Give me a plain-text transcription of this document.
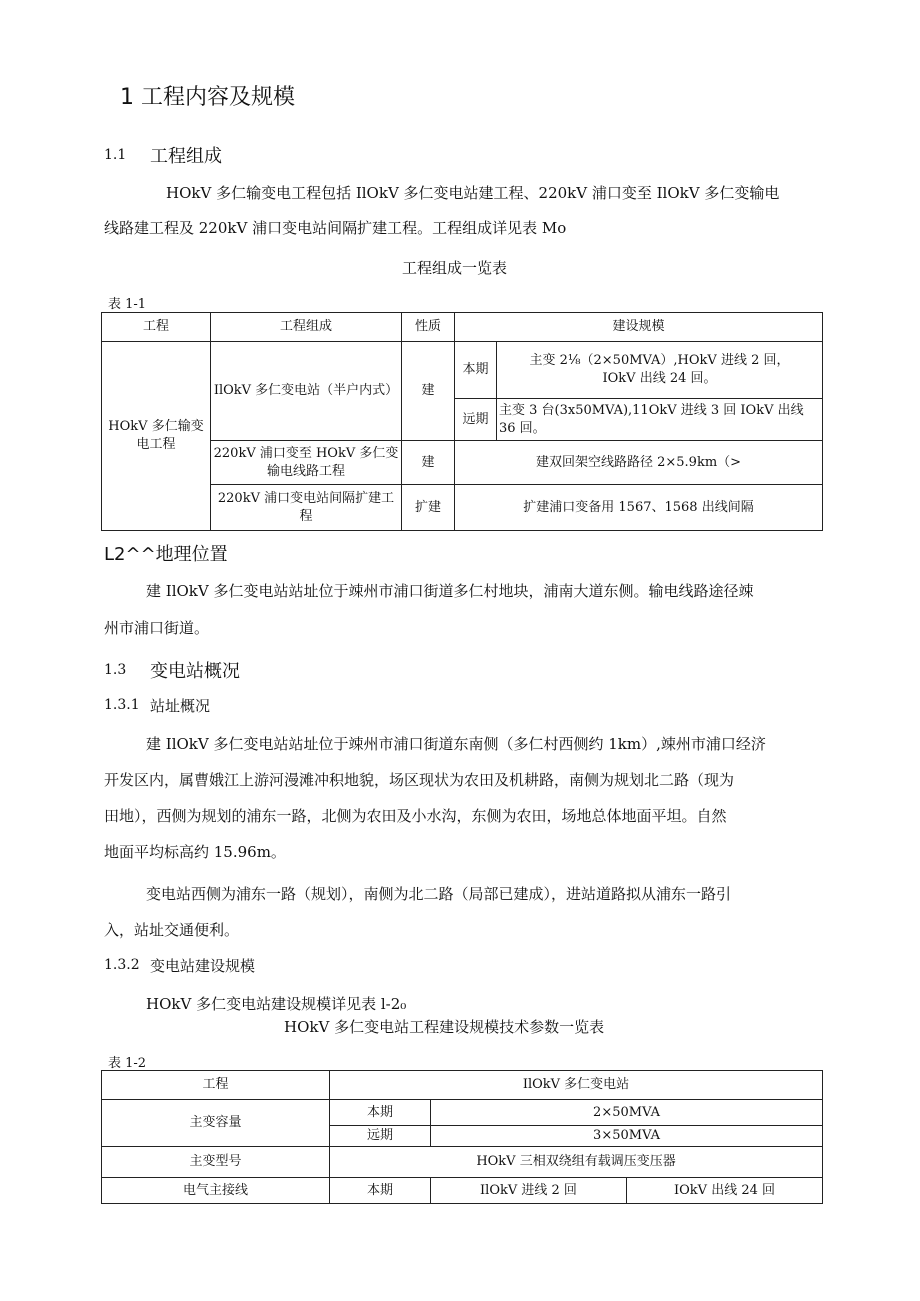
1 工程内容及规模
1.1 工程组成
HOkV 多仁输变电工程包括 IlOkV 多仁变电站建工程、220kV 浦口变至 IlOkV 多仁变输电
线路建工程及 220kV 浦口变电站间隔扩建工程。工程组成详见表 Mo
工程组成一览表
表 1-1
工程	工程组成	性质	建设规模	
HOkV 多仁输变电工程	IlOkV 多仁变电站（半户内式）	建	本期	主变 2⅛（2×50MVA）,HOkV 进线 2 回，
IOkV 出线 24 回。

			远期	主变 3 台(3x50MVA),11OkV 进线 3 回 IOkV 出线 36 回。
	220kV 浦口变至 HOkV 多仁变输电线路工程	建	建双回架空线路路径 2×5.9km（>	
	220kV 浦口变电站间隔扩建工程	扩建	扩建浦口变备用 1567、1568 出线间隔	
L2^^地理位置
建 IlOkV 多仁变电站站址位于竦州市浦口街道多仁村地块，浦南大道东侧。输电线路途径竦
州市浦口街道。
1.3 变电站概况
1.3.1 站址概况
建 IlOkV 多仁变电站站址位于竦州市浦口街道东南侧（多仁村西侧约 1km）,竦州市浦口经济
开发区内，属曹娥江上游河漫滩冲积地貌，场区现状为农田及机耕路，南侧为规划北二路（现为
田地），西侧为规划的浦东一路，北侧为农田及小水沟，东侧为农田，场地总体地面平坦。自然
地面平均标高约 15.96m。
变电站西侧为浦东一路（规划），南侧为北二路（局部已建成），进站道路拟从浦东一路引
入，站址交通便利。
1.3.2 变电站建设规模
HOkV 多仁变电站建设规模详见表 l-2₀
HOkV 多仁变电站工程建设规模技术参数一览表
表 1-2
工程	IlOkV 多仁变电站		
主变容量	本期	2×50MVA	
	远期	3×50MVA	
主变型号	HOkV 三相双绕组有载调压变压器		
电气主接线	本期	IlOkV 进线 2 回	IOkV 出线 24 回
